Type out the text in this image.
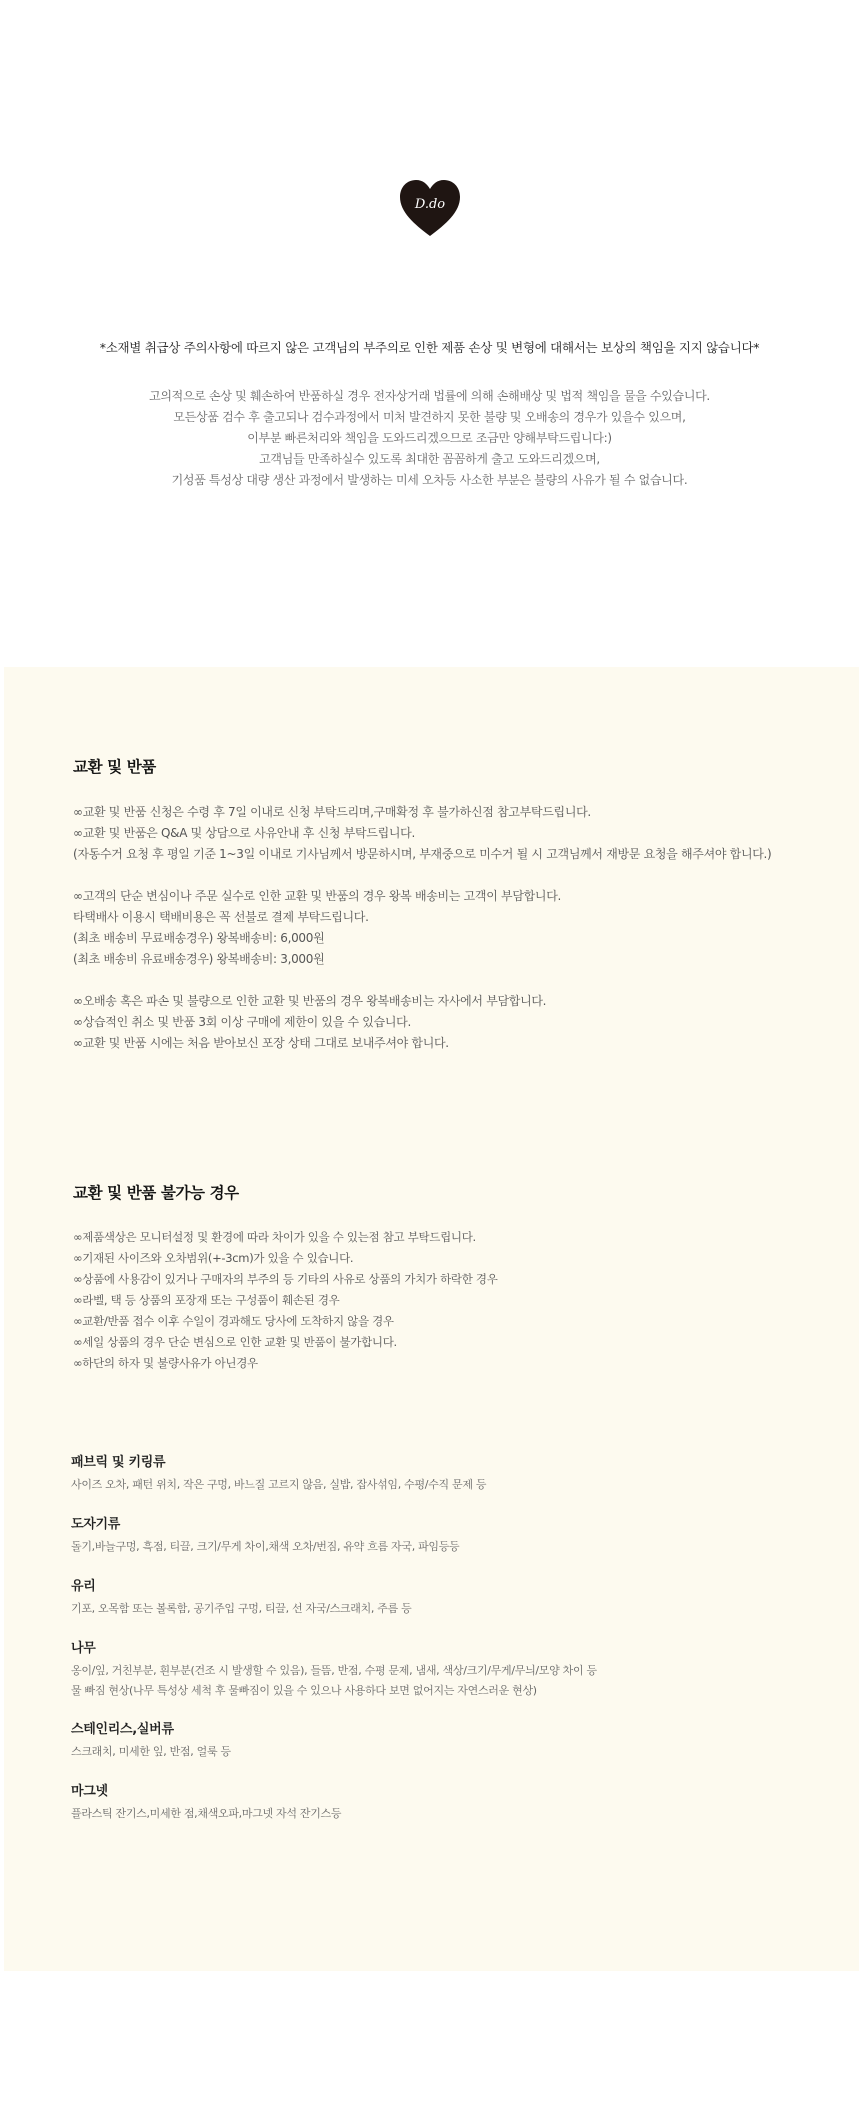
D.do
*소재별 취급상 주의사항에 따르지 않은 고객님의 부주의로 인한 제품 손상 및 변형에 대해서는 보상의 책임을 지지 않습니다*
고의적으로 손상 및 훼손하여 반품하실 경우 전자상거래 법률에 의해 손해배상 및 법적 책임을 물을 수있습니다.
모든상품 검수 후 출고되나 검수과정에서 미처 발견하지 못한 불량 및 오배송의 경우가 있을수 있으며,
이부분 빠른처리와 책임을 도와드리겠으므로 조금만 양해부탁드립니다:)
고객님들 만족하실수 있도록 최대한 꼼꼼하게 출고 도와드리겠으며,
기성품 특성상 대량 생산 과정에서 발생하는 미세 오차등 사소한 부분은 불량의 사유가 될 수 없습니다.
교환 및 반품
∞교환 및 반품 신청은 수령 후 7일 이내로 신청 부탁드리며,구매확정 후 불가하신점 참고부탁드립니다.
∞교환 및 반품은 Q&A 및 상담으로 사유안내 후 신청 부탁드립니다.
(자동수거 요청 후 평일 기준 1~3일 이내로 기사님께서 방문하시며, 부재중으로 미수거 될 시 고객님께서 재방문 요청을 해주셔야 합니다.)
∞고객의 단순 변심이나 주문 실수로 인한 교환 및 반품의 경우 왕복 배송비는 고객이 부담합니다.
타택배사 이용시 택배비용은 꼭 선불로 결제 부탁드립니다.
(최초 배송비 무료배송경우) 왕복배송비: 6,000원
(최초 배송비 유료배송경우) 왕복배송비: 3,000원
∞오배송 혹은 파손 및 불량으로 인한 교환 및 반품의 경우 왕복배송비는 자사에서 부담합니다.
∞상습적인 취소 및 반품 3회 이상 구매에 제한이 있을 수 있습니다.
∞교환 및 반품 시에는 처음 받아보신 포장 상태 그대로 보내주셔야 합니다.
교환 및 반품 불가능 경우
∞제품색상은 모니터설정 및 환경에 따라 차이가 있을 수 있는점 참고 부탁드립니다.
∞기재된 사이즈와 오차범위(+-3cm)가 있을 수 있습니다.
∞상품에 사용감이 있거나 구매자의 부주의 등 기타의 사유로 상품의 가치가 하락한 경우
∞라벨, 택 등 상품의 포장재 또는 구성품이 훼손된 경우
∞교환/반품 접수 이후 수일이 경과해도 당사에 도착하지 않을 경우
∞세일 상품의 경우 단순 변심으로 인한 교환 및 반품이 불가합니다.
∞하단의 하자 및 불량사유가 아닌경우
패브릭 및 키링류
사이즈 오차, 패턴 위치, 작은 구멍, 바느질 고르지 않음, 실밥, 잡사섞임, 수평/수직 문제 등
도자기류
돌기,바늘구멍, 흑점, 티끌, 크기/무게 차이,채색 오차/번짐, 유약 흐름 자국, 파임등등
유리
기포, 오목함 또는 볼록함, 공기주입 구멍, 티끌, 선 자국/스크래치, 주름 등
나무
옹이/잎, 거친부분, 흰부분(건조 시 발생할 수 있음), 들뜸, 반점, 수평 문제, 냄새, 색상/크기/무게/무늬/모양 차이 등
물 빠짐 현상(나무 특성상 세척 후 물빠짐이 있을 수 있으나 사용하다 보면 없어지는 자연스러운 현상)
스테인리스,실버류
스크래치, 미세한 잎, 반점, 얼룩 등
마그넷
플라스틱 잔기스,미세한 점,채색오파,마그넷 자석 잔기스등
